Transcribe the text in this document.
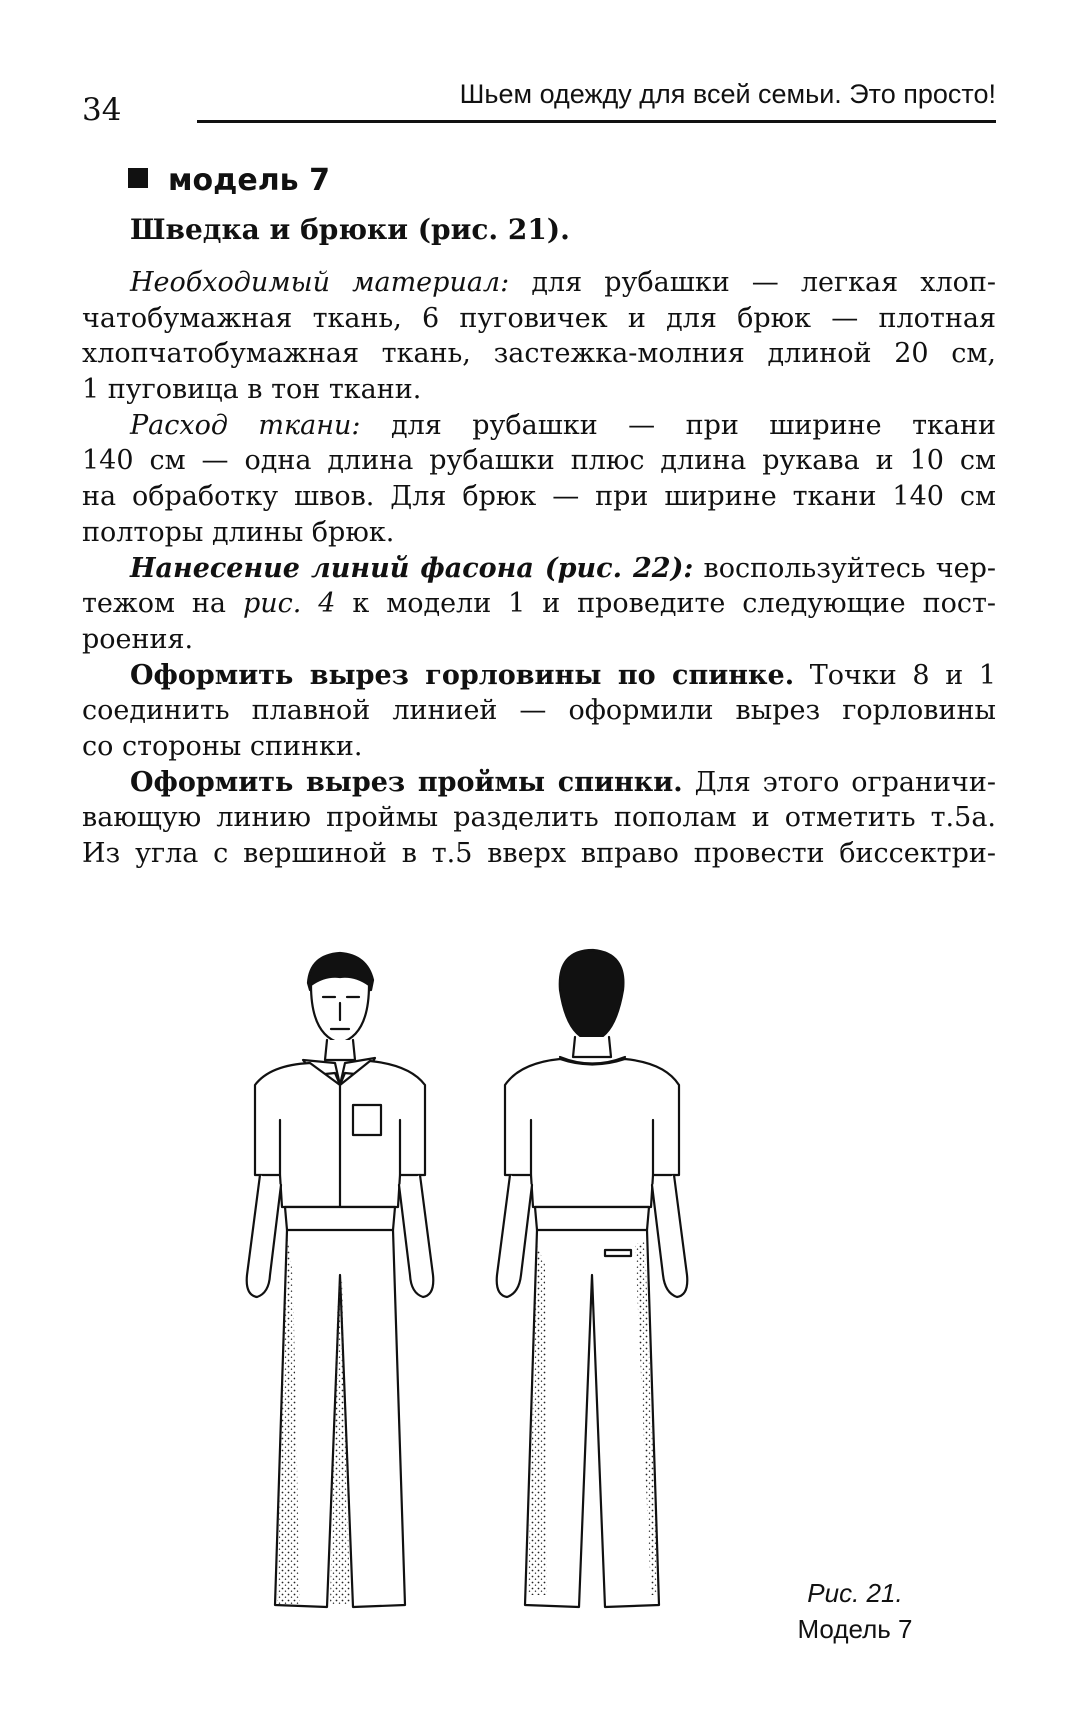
34	Шьем одежду для всей семьи. Это просто!
модель 7
Шведка и брюки (рис. 21).
Необходимый материал: для рубашки — легкая хлоп-
чатобумажная ткань, 6 пуговичек и для брюк — плотная
хлопчатобумажная ткань, застежка-молния длиной 20 см,
1 пуговица в тон ткани.
Расход ткани: для рубашки — при ширине ткани
140 см — одна длина рубашки плюс длина рукава и 10 см
на обработку швов. Для брюк — при ширине ткани 140 см
полторы длины брюк.
Нанесение линий фасона (рис. 22): воспользуйтесь чер-
тежом на рис. 4 к модели 1 и проведите следующие пост-
роения.
Оформить вырез горловины по спинке. Точки 8 и 1
соединить плавной линией — оформили вырез горловины
со стороны спинки.
Оформить вырез проймы спинки. Для этого ограничи-
вающую линию проймы разделить пополам и отметить т.5а.
Из угла с вершиной в т.5 вверх вправо провести биссектри-
Рис. 21.
Модель 7
